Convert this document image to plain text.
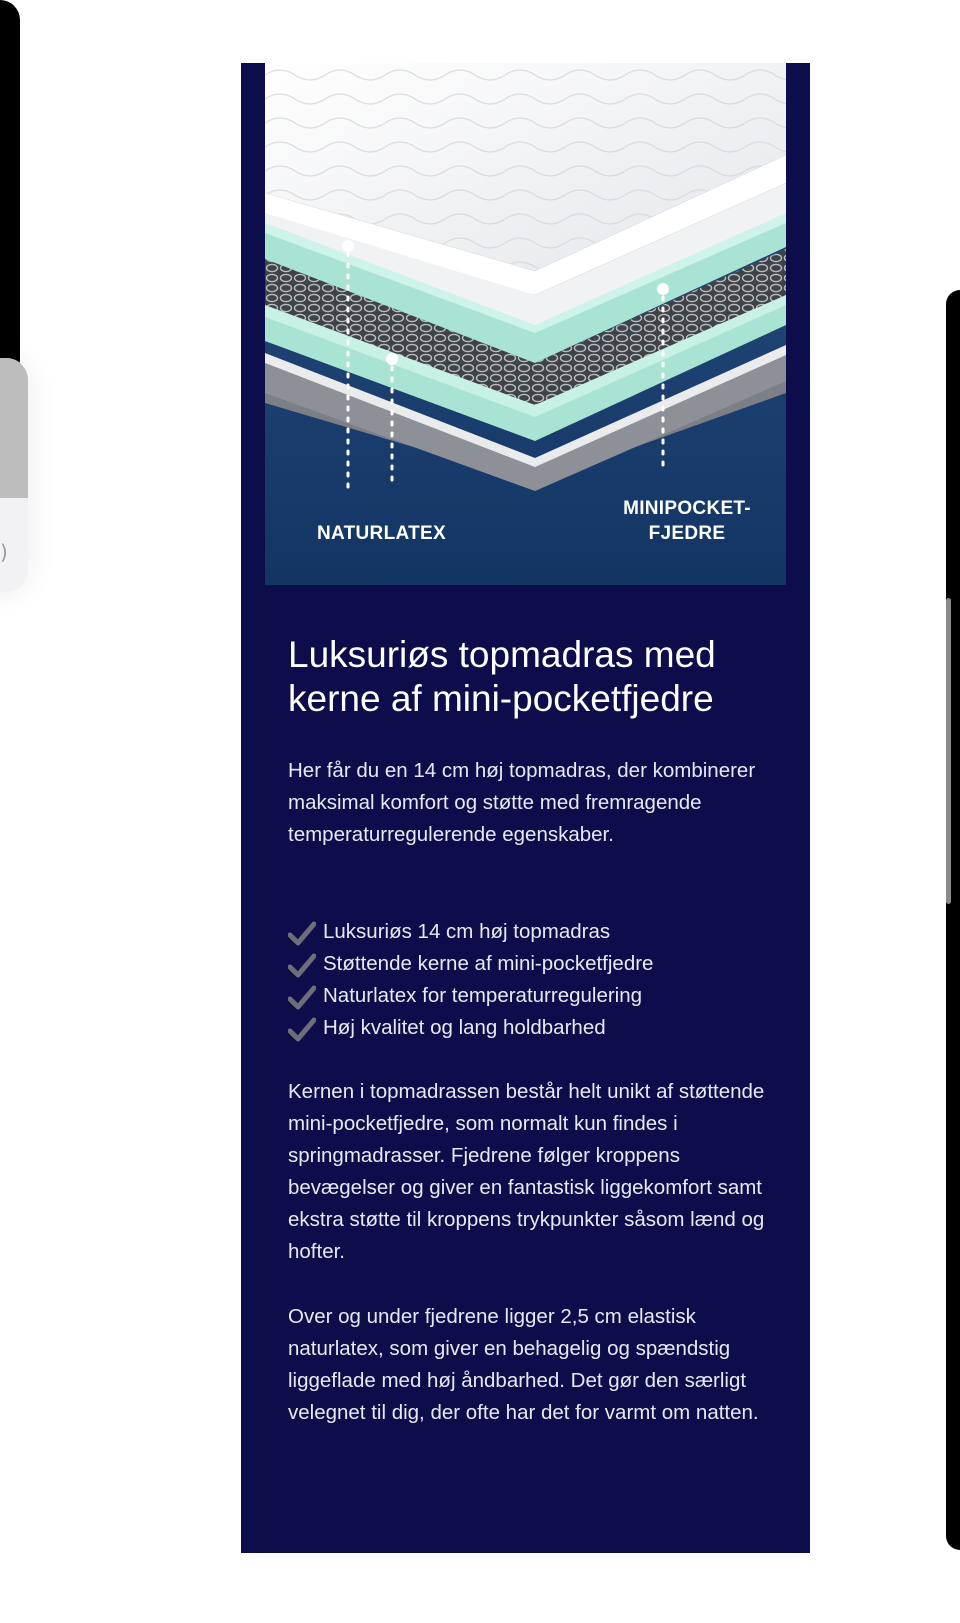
)
NATURLATEX
MINIPOCKET-
FJEDRE
Luksuriøs topmadras med kerne af mini-pocketfjedre

Her får du en 14 cm høj topmadras, der kombinerer maksimal komfort og støtte med fremragende temperaturregulerende egenskaber.

Luksuriøs 14 cm høj topmadras
Støttende kerne af mini-pocketfjedre
Naturlatex for temperaturregulering
Høj kvalitet og lang holdbarhed

Kernen i topmadrassen består helt unikt af støttende mini-pocketfjedre, som normalt kun findes i springmadrasser. Fjedrene følger kroppens bevægelser og giver en fantastisk liggekomfort samt ekstra støtte til kroppens trykpunkter såsom lænd og hofter.

Over og under fjedrene ligger 2,5 cm elastisk naturlatex, som giver en behagelig og spændstig liggeflade med høj åndbarhed. Det gør den særligt velegnet til dig, der ofte har det for varmt om natten.
